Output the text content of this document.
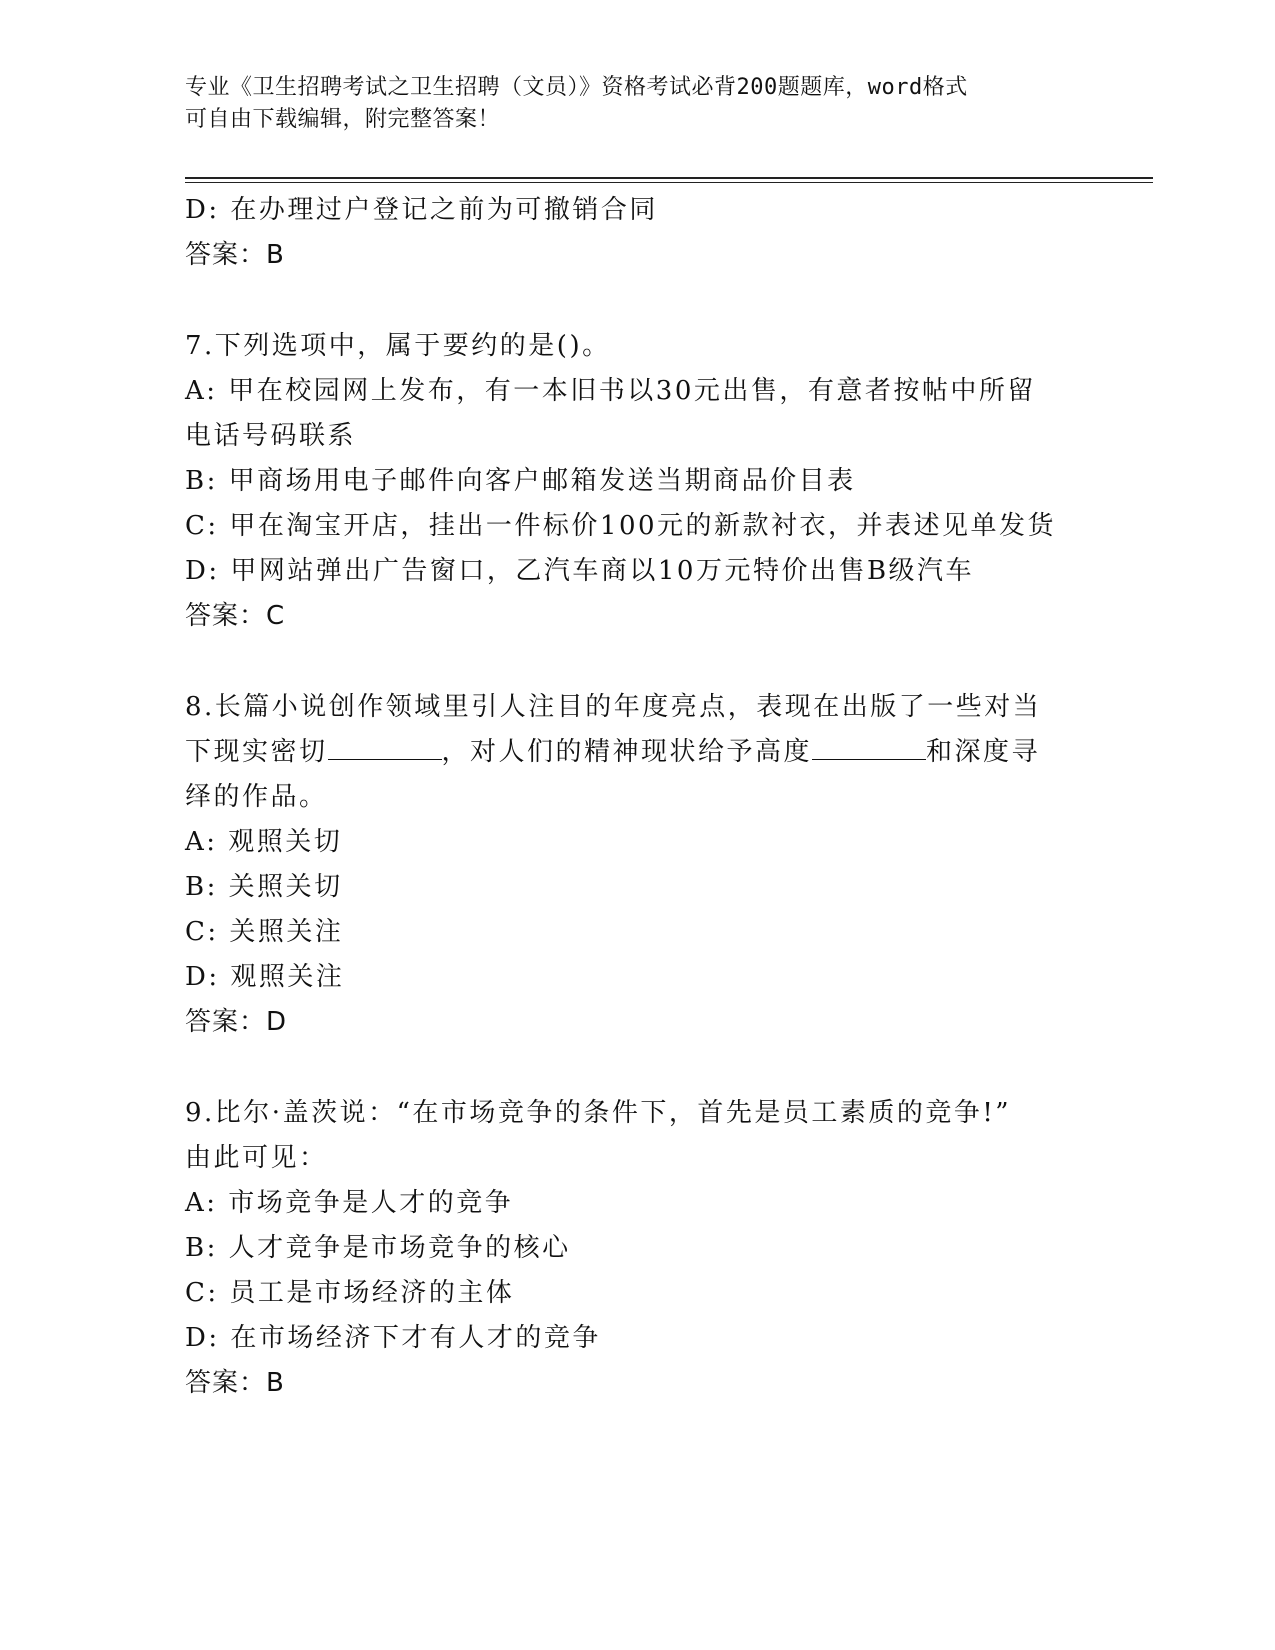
专业《卫生招聘考试之卫生招聘（文员）》资格考试必背200题题库，word格式
可自由下载编辑，附完整答案！
D: 在办理过户登记之前为可撤销合同
答案：B
7.下列选项中，属于要约的是()。
A: 甲在校园网上发布，有一本旧书以30元出售，有意者按帖中所留
电话号码联系
B: 甲商场用电子邮件向客户邮箱发送当期商品价目表
C: 甲在淘宝开店，挂出一件标价100元的新款衬衣，并表述见单发货
D: 甲网站弹出广告窗口，乙汽车商以10万元特价出售B级汽车
答案：C
8.长篇小说创作领域里引人注目的年度亮点，表现在出版了一些对当
下现实密切	，对人们的精神现状给予高度	和深度寻
绎的作品。
A: 观照关切
B: 关照关切
C: 关照关注
D: 观照关注
答案：D
9.比尔·盖茨说：“在市场竞争的条件下，首先是员工素质的竞争!”
由此可见：
A: 市场竞争是人才的竞争
B: 人才竞争是市场竞争的核心
C: 员工是市场经济的主体
D: 在市场经济下才有人才的竞争
答案：B
